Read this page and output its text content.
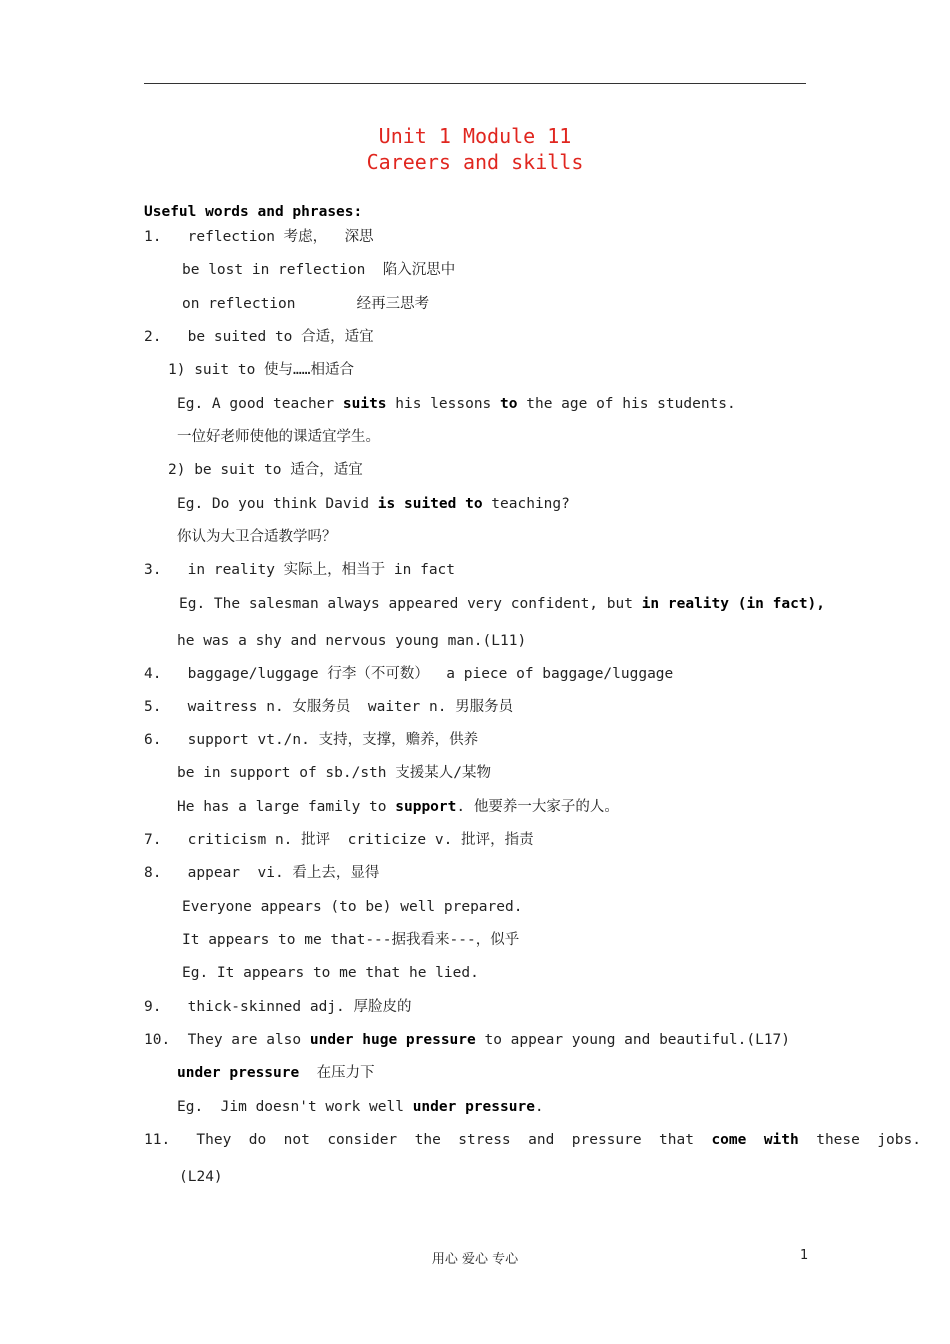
Unit 1 Module 11
Careers and skills
Useful words and phrases:
1.   reflection 考虑，  深思
be lost in reflection  陷入沉思中
on reflection       经再三思考
2.   be suited to 合适，适宜
1) suit to 使与……相适合
Eg. A good teacher suits his lessons to the age of his students.
一位好老师使他的课适宜学生。
2) be suit to 适合，适宜
Eg. Do you think David is suited to teaching?
你认为大卫合适教学吗？
3.   in reality 实际上，相当于 in fact
Eg. The salesman always appeared very confident, but in reality (in fact),
he was a shy and nervous young man.(L11)
4.   baggage/luggage 行李（不可数）  a piece of baggage/luggage
5.   waitress n. 女服务员  waiter n. 男服务员
6.   support vt./n. 支持，支撑，赡养，供养
be in support of sb./sth 支援某人/某物
He has a large family to support. 他要养一大家子的人。
7.   criticism n. 批评  criticize v. 批评，指责
8.   appear  vi. 看上去，显得
Everyone appears (to be) well prepared.
It appears to me that---据我看来---，似乎
Eg. It appears to me that he lied.
9.   thick-skinned adj. 厚脸皮的
10.  They are also under huge pressure to appear young and beautiful.(L17)
under pressure  在压力下
Eg.  Jim doesn't work well under pressure.
11.   They  do  not  consider  the  stress  and  pressure  that  come  with  these  jobs.
(L24)
用心 爱心 专心	1
